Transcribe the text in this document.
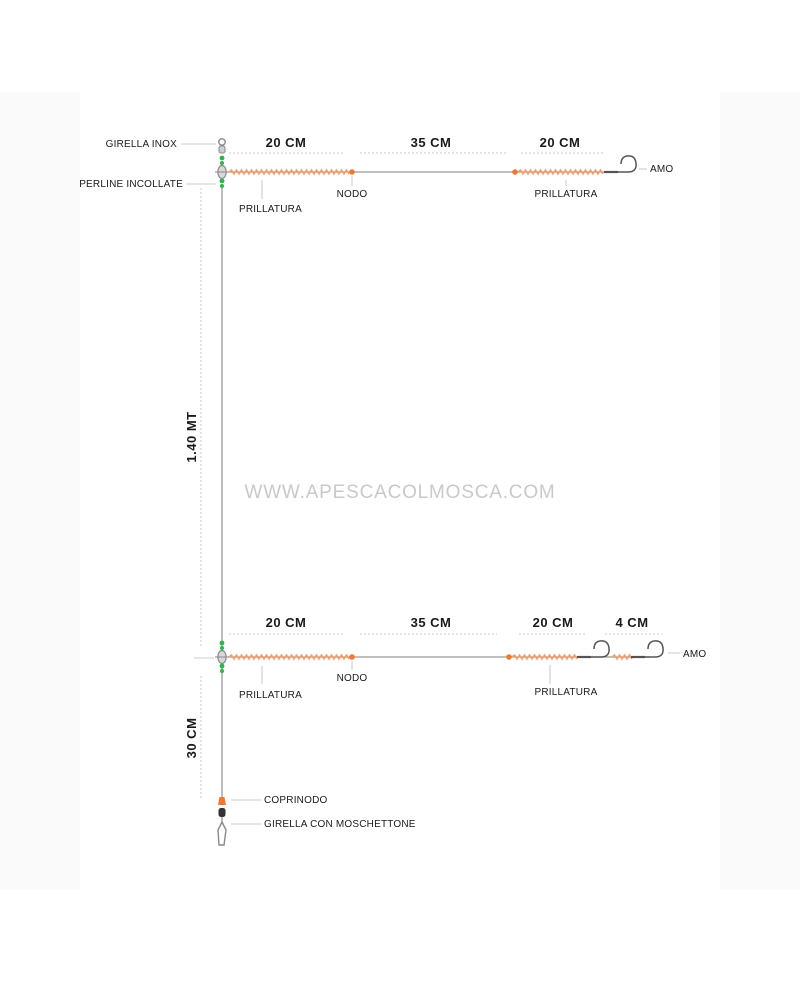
WWW.APESCACOLMOSCA.COM
1.40 MT
30 CM
GIRELLA INOX
PERLINE INCOLLATE
AMO
20 CM	35 CM	20 CM
PRILLATURA
NODO	PRILLATURA
AMO
20 CM	35 CM	20 CM	4 CM
PRILLATURA
NODO
PRILLATURA
COPRINODO
GIRELLA CON MOSCHETTONE
